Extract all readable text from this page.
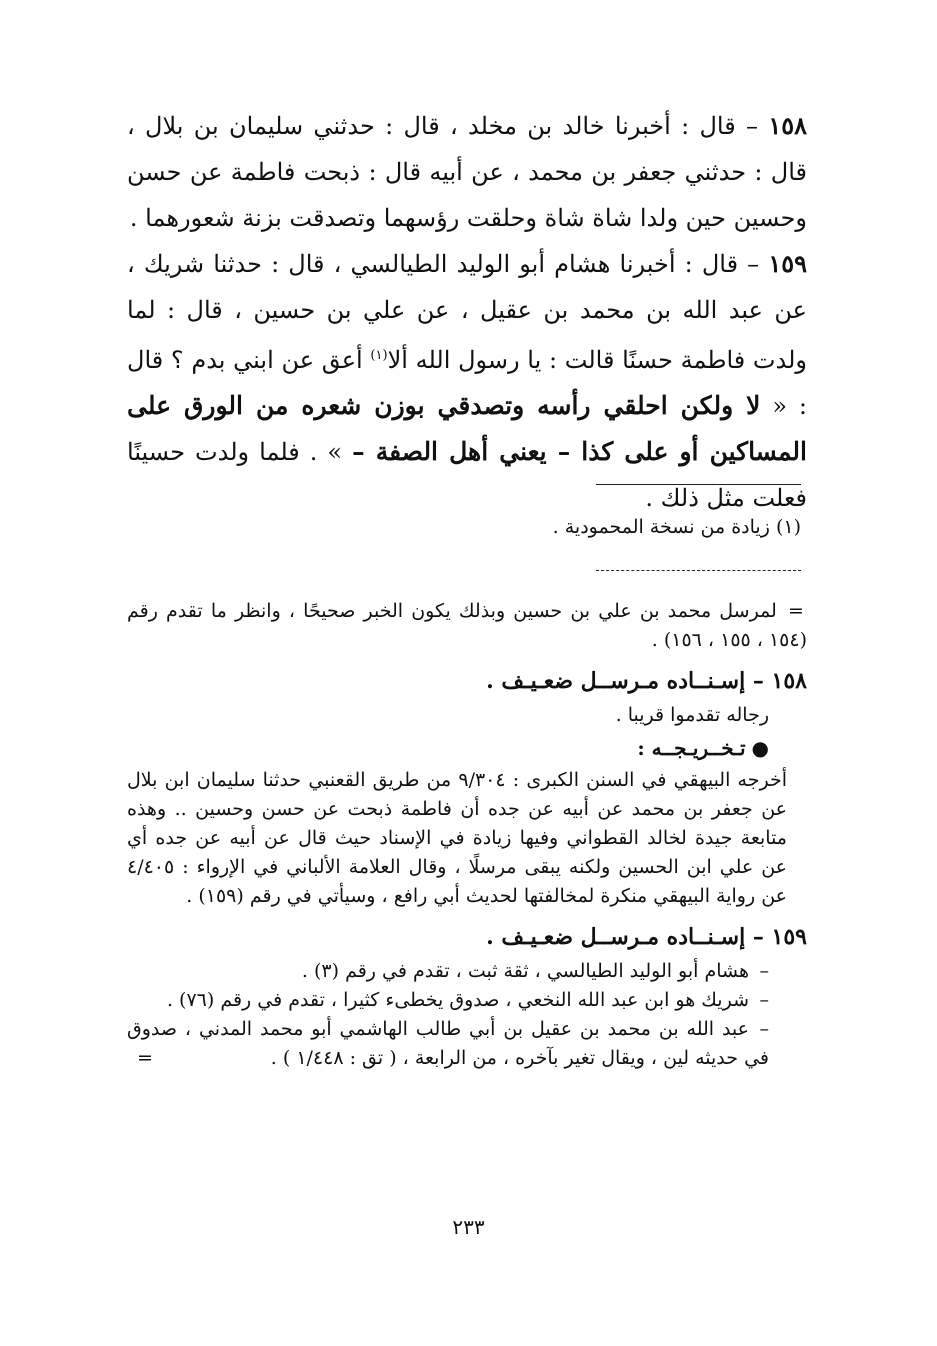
١٥٨ – قال : أخبرنا خالد بن مخلد ، قال : حدثني سليمان بن بلال ، قال : حدثني جعفر بن محمد ، عن أبيه قال : ذبحت فاطمة عن حسن وحسين حين ولدا شاة شاة وحلقت رؤسهما وتصدقت بزنة شعورهما .

١٥٩ – قال : أخبرنا هشام أبو الوليد الطيالسي ، قال : حدثنا شريك ، عن عبد الله بن محمد بن عقيل ، عن علي بن حسين ، قال : لما ولدت فاطمة حسنًا قالت : يا رسول الله ألا$^{(١)}$ أعق عن ابني بدم ؟ قال : « لا ولكن احلقي رأسه وتصدقي بوزن شعره من الورق على المساكين أو على كذا – يعني أهل الصفة – » . فلما ولدت حسينًا فعلت مثل ذلك .

(١) زيادة من نسخة المحمودية .

= لمرسل محمد بن علي بن حسين وبذلك يكون الخبر صحيحًا ، وانظر ما تقدم رقم (١٥٤ ، ١٥٥ ، ١٥٦) .

١٥٨ – إسـنــاده مـرســل ضعـيـف .

رجاله تقدموا قريبا .

●تـخــريـجــه :

أخرجه البيهقي في السنن الكبرى : ٩/٣٠٤ من طريق القعنبي حدثنا سليمان ابن بلال عن جعفر بن محمد عن أبيه عن جده أن فاطمة ذبحت عن حسن وحسين .. وهذه متابعة جيدة لخالد القطواني وفيها زيادة في الإسناد حيث قال عن أبيه عن جده أي عن علي ابن الحسين ولكنه يبقى مرسلًا ، وقال العلامة الألباني في الإرواء : ٤/٤٠٥ عن رواية البيهقي منكرة لمخالفتها لحديث أبي رافع ، وسيأتي في رقم (١٥٩) .

١٥٩ – إسـنــاده مـرســل ضعـيـف .

–هشام أبو الوليد الطيالسي ، ثقة ثبت ، تقدم في رقم (٣) .

–شريك هو ابن عبد الله النخعي ، صدوق يخطىء كثيرا ، تقدم في رقم (٧٦) .

–عبد الله بن محمد بن عقيل بن أبي طالب الهاشمي أبو محمد المدني ، صدوق في حديثه لين ، ويقال تغير بآخره ، من الرابعة ، ( تق : ١/٤٤٨ ) .
=

٢٣٣
